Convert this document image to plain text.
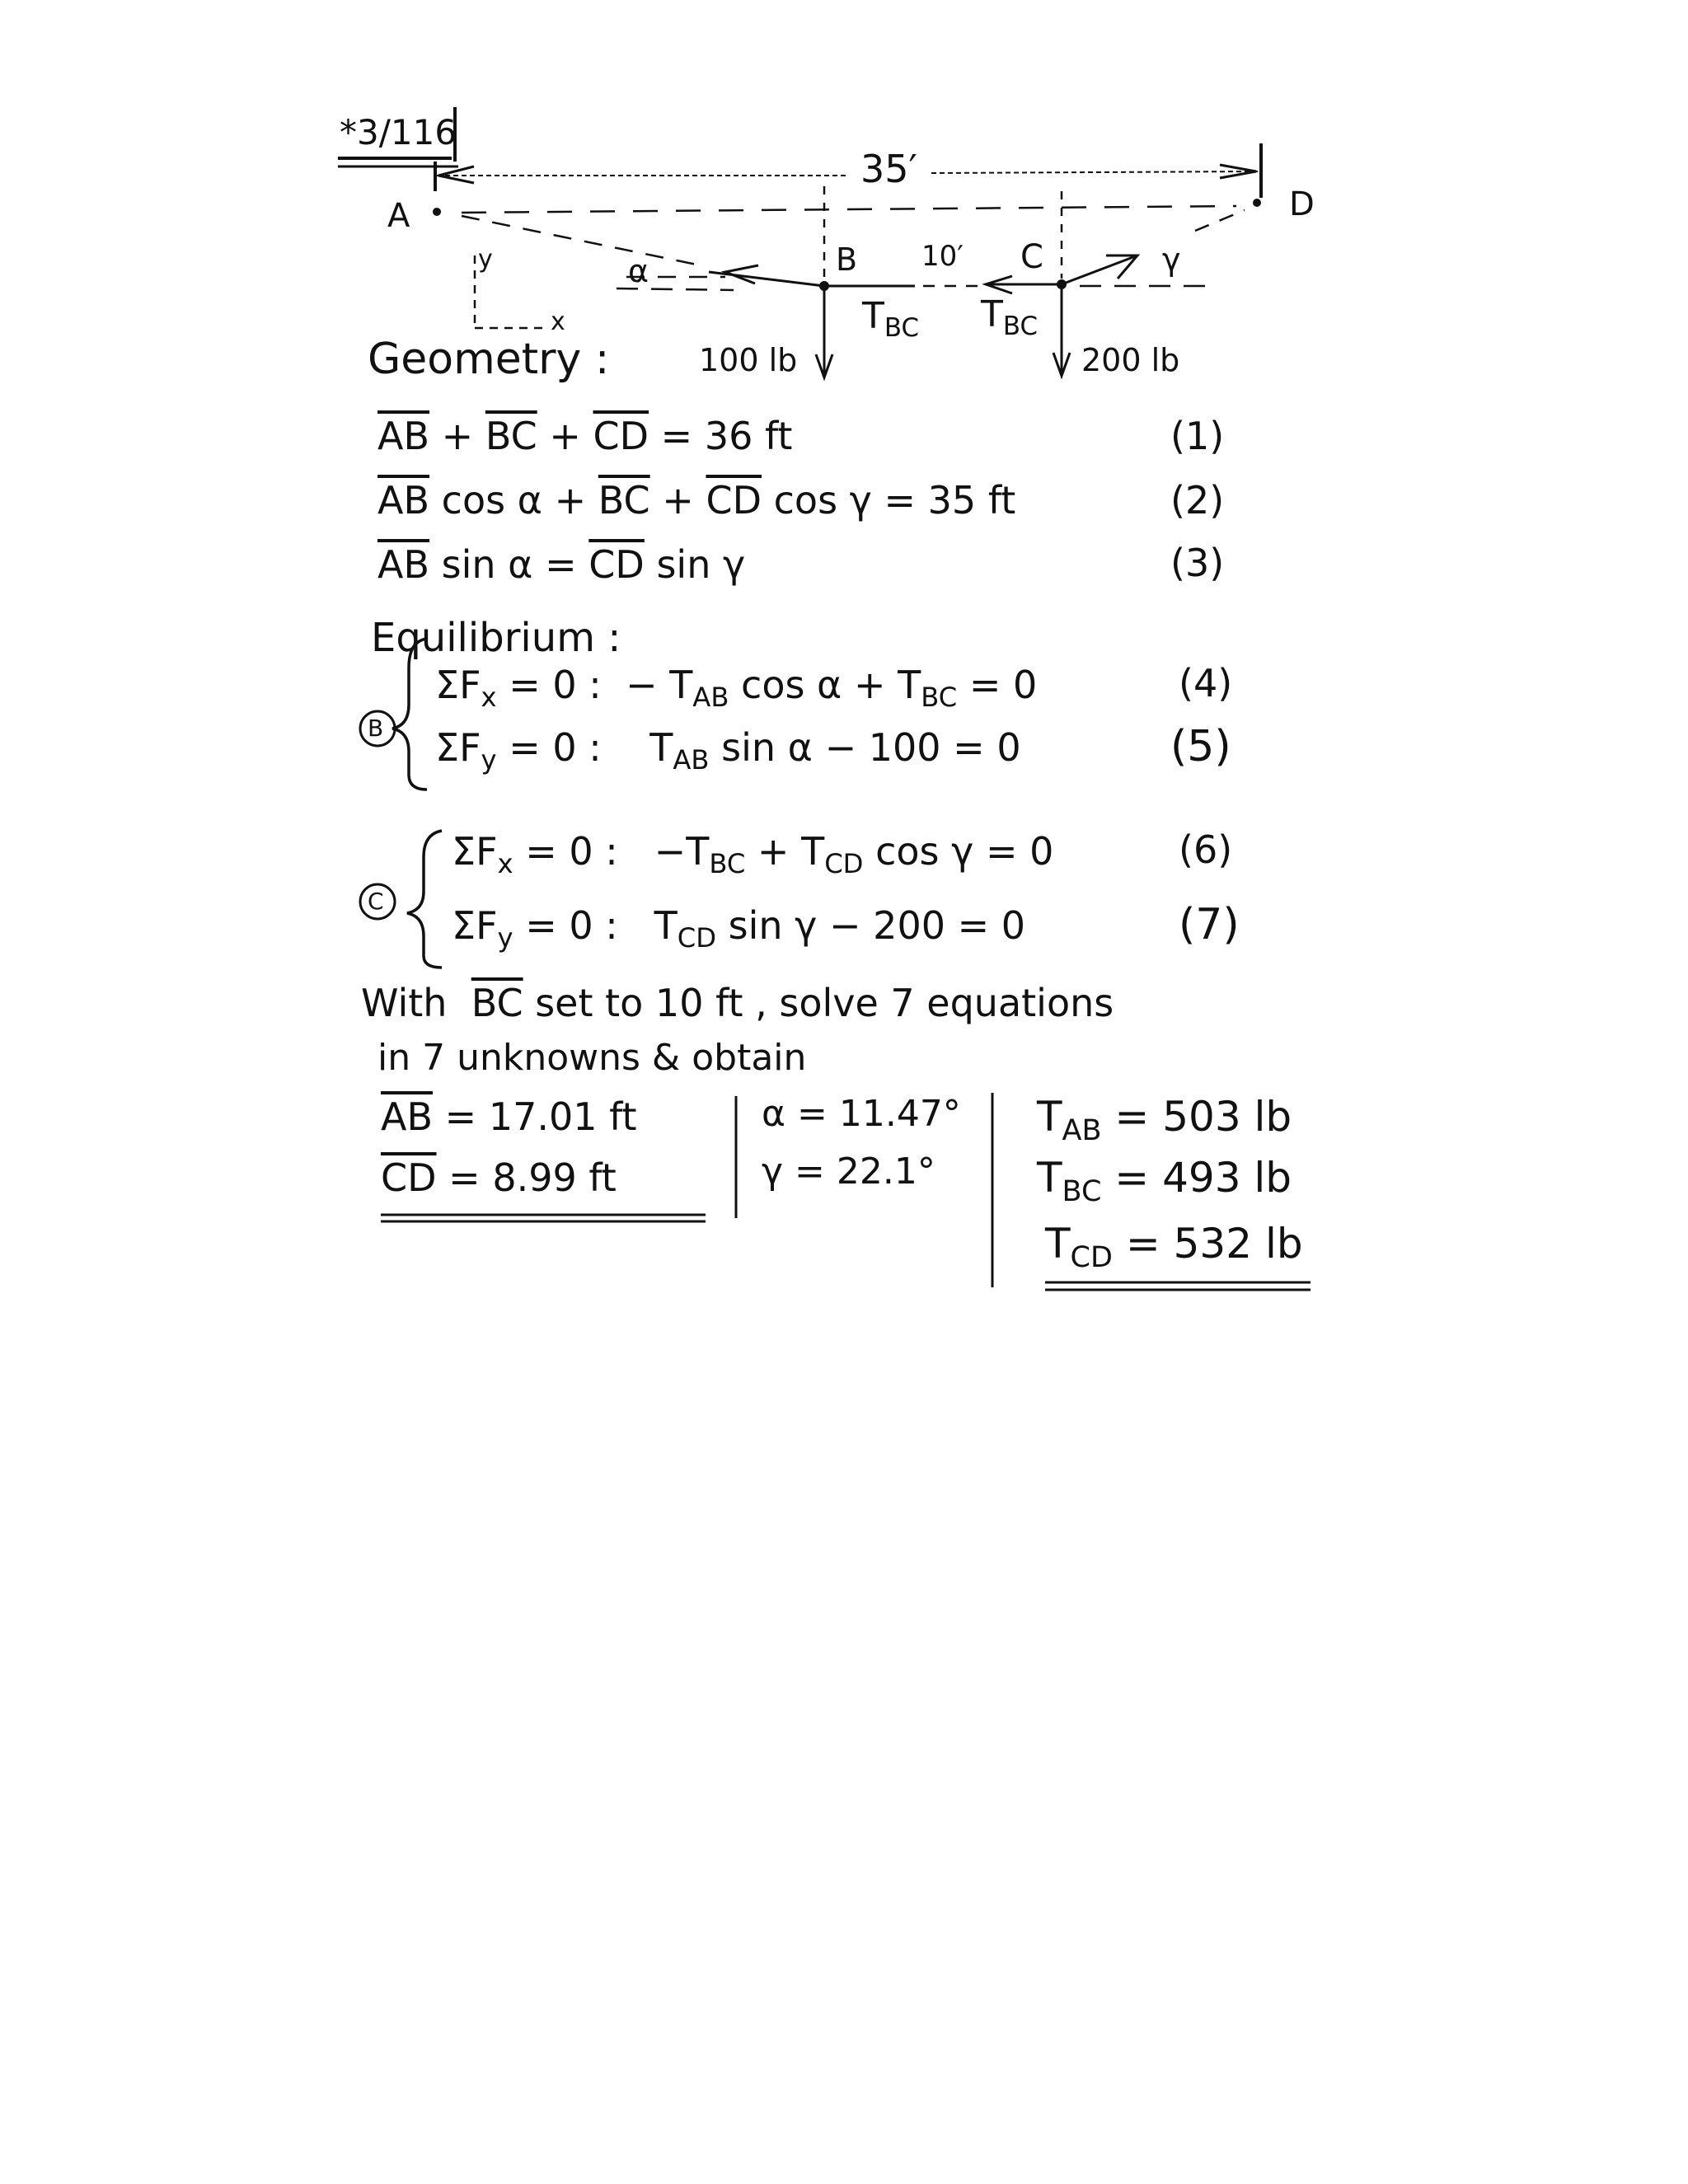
*3/116
35′
A	D
B 10′ C
α	γ
y
x	$T_{BC}$ $T_{BC}$
100 lb	200 lb
Geometry :
$\overline{AB} + \overline{BC} + \overline{CD} = 36$ ft	(1)
$\overline{AB}$ $\cos \alpha + \overline{BC} + \overline{CD}$ cos γ = 35 ft	(2)
$\overline{AB}$ $\sin \alpha = \overline{CD}$ sin γ	(3)
Equilibrium :
B
$\Sigma F_x = 0$ : − $T_{AB}$ $\cos \alpha + T_{BC} = 0$	(4)
$\Sigma F_y = 0$ : $T_{AB}$ sin α − 100 = 0	(5)
C
$\Sigma F_x = 0$ : $-T_{BC} + T_{CD}$ cos γ = 0	(6)
$\Sigma F_y = 0$ : $T_{CD}$ sin γ − 200 = 0	(7)
With  $\overline{BC}$ set to 10 ft , solve 7 equations
in 7 unknowns & obtain
$\overline{AB} = 17.01$ ft
$\overline{CD} = 8.99$ ft
α = 11.47°
γ = 22.1°
$T_{AB} = 503$ lb
$T_{BC} = 493$ lb
$T_{CD} = 532$ lb
